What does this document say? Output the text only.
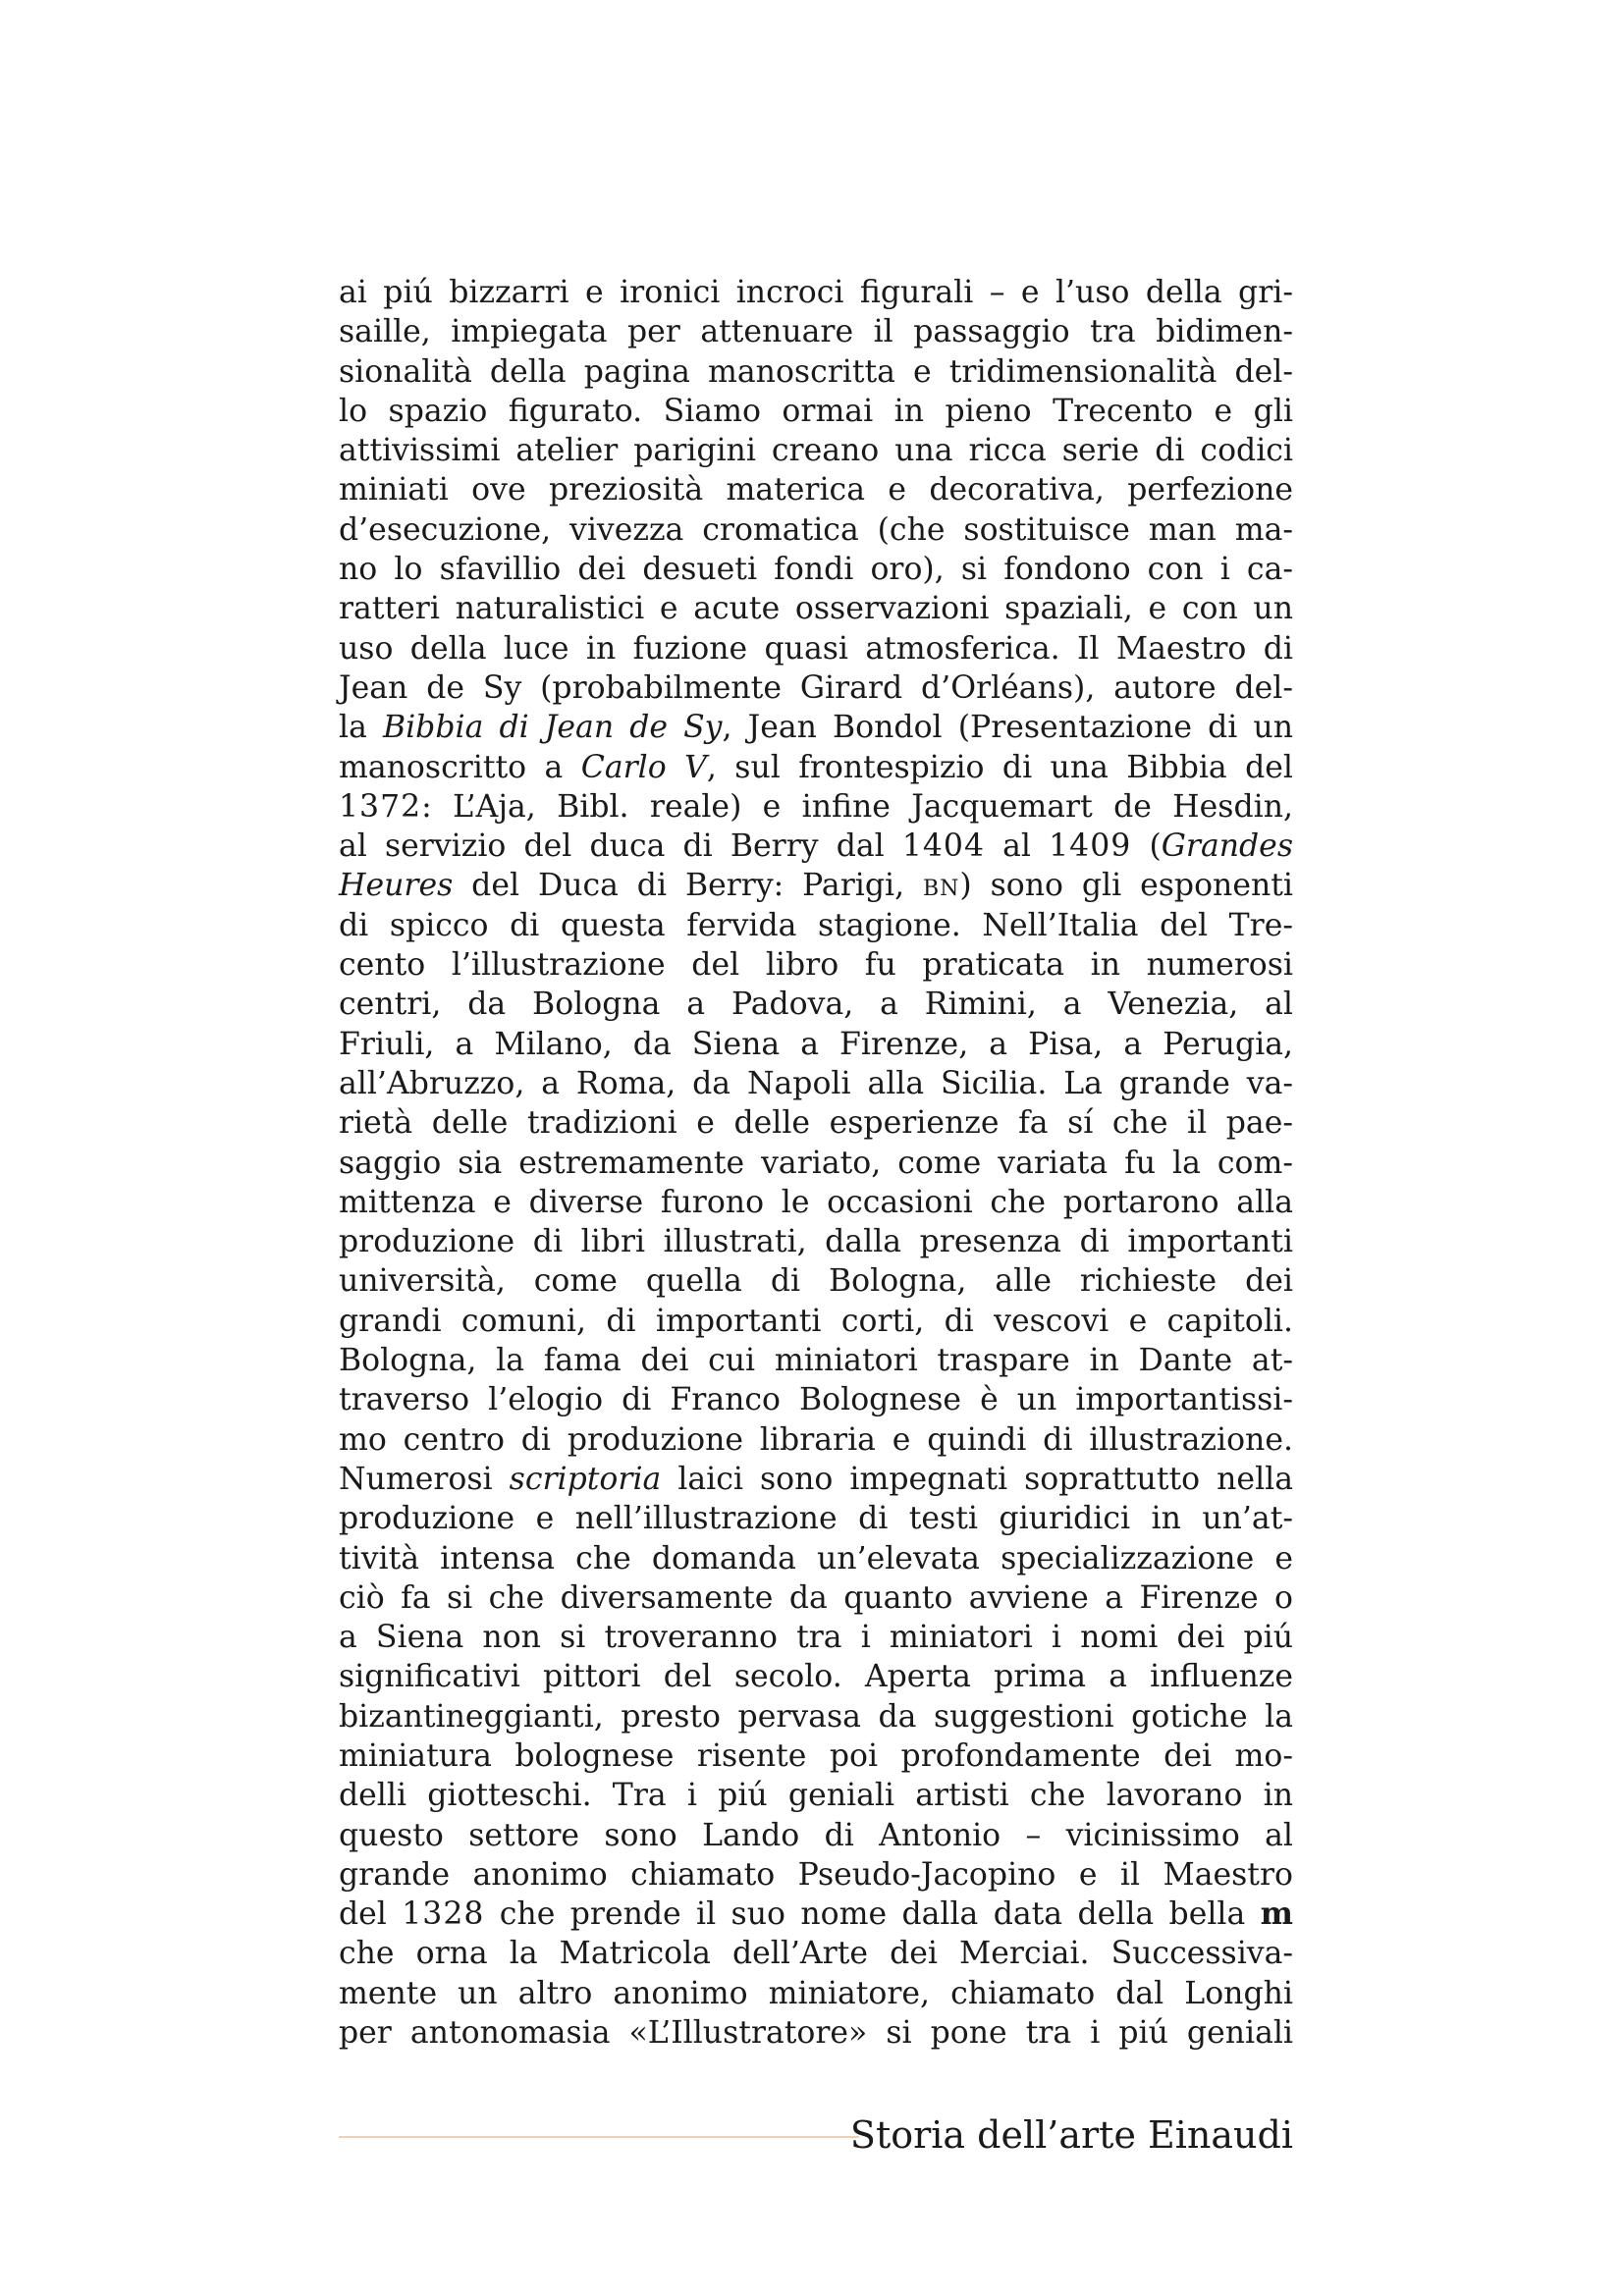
ai piú bizzarri e ironici incroci figurali – e l’uso della gri-
saille, impiegata per attenuare il passaggio tra bidimen-
sionalità della pagina manoscritta e tridimensionalità del-
lo spazio figurato. Siamo ormai in pieno Trecento e gli
attivissimi atelier parigini creano una ricca serie di codici
miniati ove preziosità materica e decorativa, perfezione
d’esecuzione, vivezza cromatica (che sostituisce man ma-
no lo sfavillio dei desueti fondi oro), si fondono con i ca-
ratteri naturalistici e acute osservazioni spaziali, e con un
uso della luce in fuzione quasi atmosferica. Il Maestro di
Jean de Sy (probabilmente Girard d’Orléans), autore del-
la Bibbia di Jean de Sy, Jean Bondol (Presentazione di un
manoscritto a Carlo V, sul frontespizio di una Bibbia del
1372: L’Aja, Bibl. reale) e infine Jacquemart de Hesdin,
al servizio del duca di Berry dal 1404 al 1409 (Grandes
Heures del Duca di Berry: Parigi, bn) sono gli esponenti
di spicco di questa fervida stagione. Nell’Italia del Tre-
cento l’illustrazione del libro fu praticata in numerosi
centri, da Bologna a Padova, a Rimini, a Venezia, al
Friuli, a Milano, da Siena a Firenze, a Pisa, a Perugia,
all’Abruzzo, a Roma, da Napoli alla Sicilia. La grande va-
rietà delle tradizioni e delle esperienze fa sí che il pae-
saggio sia estremamente variato, come variata fu la com-
mittenza e diverse furono le occasioni che portarono alla
produzione di libri illustrati, dalla presenza di importanti
università, come quella di Bologna, alle richieste dei
grandi comuni, di importanti corti, di vescovi e capitoli.
Bologna, la fama dei cui miniatori traspare in Dante at-
traverso l’elogio di Franco Bolognese è un importantissi-
mo centro di produzione libraria e quindi di illustrazione.
Numerosi scriptoria laici sono impegnati soprattutto nella
produzione e nell’illustrazione di testi giuridici in un’at-
tività intensa che domanda un’elevata specializzazione e
ciò fa si che diversamente da quanto avviene a Firenze o
a Siena non si troveranno tra i miniatori i nomi dei piú
significativi pittori del secolo. Aperta prima a influenze
bizantineggianti, presto pervasa da suggestioni gotiche la
miniatura bolognese risente poi profondamente dei mo-
delli giotteschi. Tra i piú geniali artisti che lavorano in
questo settore sono Lando di Antonio – vicinissimo al
grande anonimo chiamato Pseudo-Jacopino e il Maestro
del 1328 che prende il suo nome dalla data della bella m
che orna la Matricola dell’Arte dei Merciai. Successiva-
mente un altro anonimo miniatore, chiamato dal Longhi
per antonomasia «L’Illustratore» si pone tra i piú geniali
Storia dell’arte Einaudi
